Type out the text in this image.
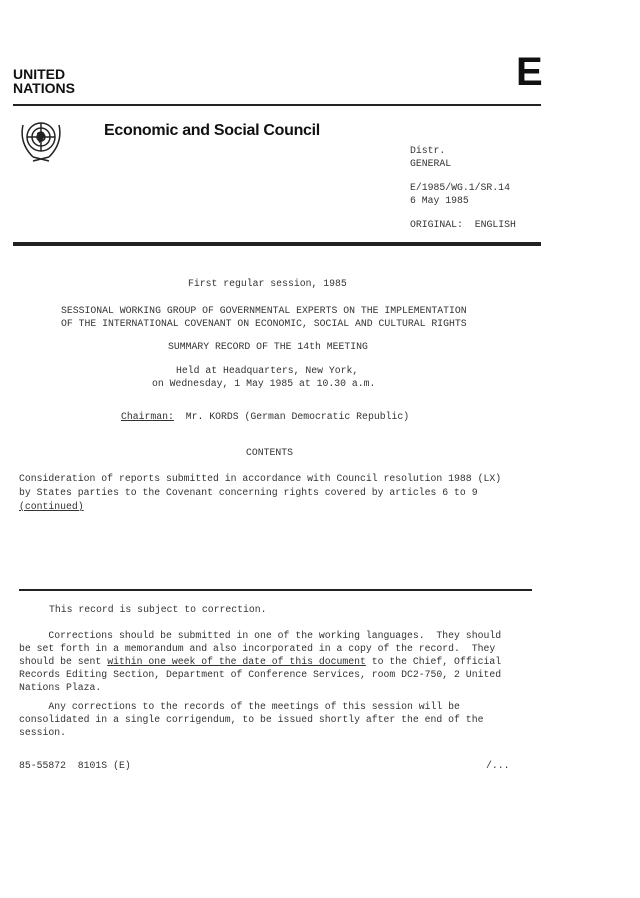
UNITED
NATIONS	E
Economic and Social Council
Distr.
GENERAL
E/1985/WG.1/SR.14
6 May 1985
ORIGINAL: ENGLISH
First regular session, 1985
SESSIONAL WORKING GROUP OF GOVERNMENTAL EXPERTS ON THE IMPLEMENTATION
OF THE INTERNATIONAL COVENANT ON ECONOMIC, SOCIAL AND CULTURAL RIGHTS
SUMMARY RECORD OF THE 14th MEETING
Held at Headquarters, New York,
on Wednesday, 1 May 1985 at 10.30 a.m.
Chairman: Mr. KORDS (German Democratic Republic)
CONTENTS
Consideration of reports submitted in accordance with Council resolution 1988 (LX)
by States parties to the Covenant concerning rights covered by articles 6 to 9
(continued)
This record is subject to correction.
Corrections should be submitted in one of the working languages.  They should
be set forth in a memorandum and also incorporated in a copy of the record.  They
should be sent within one week of the date of this document to the Chief, Official
Records Editing Section, Department of Conference Services, room DC2-750, 2 United
Nations Plaza.
Any corrections to the records of the meetings of this session will be
consolidated in a single corrigendum, to be issued shortly after the end of the
session.
85-55872  8101S (E)	/...
